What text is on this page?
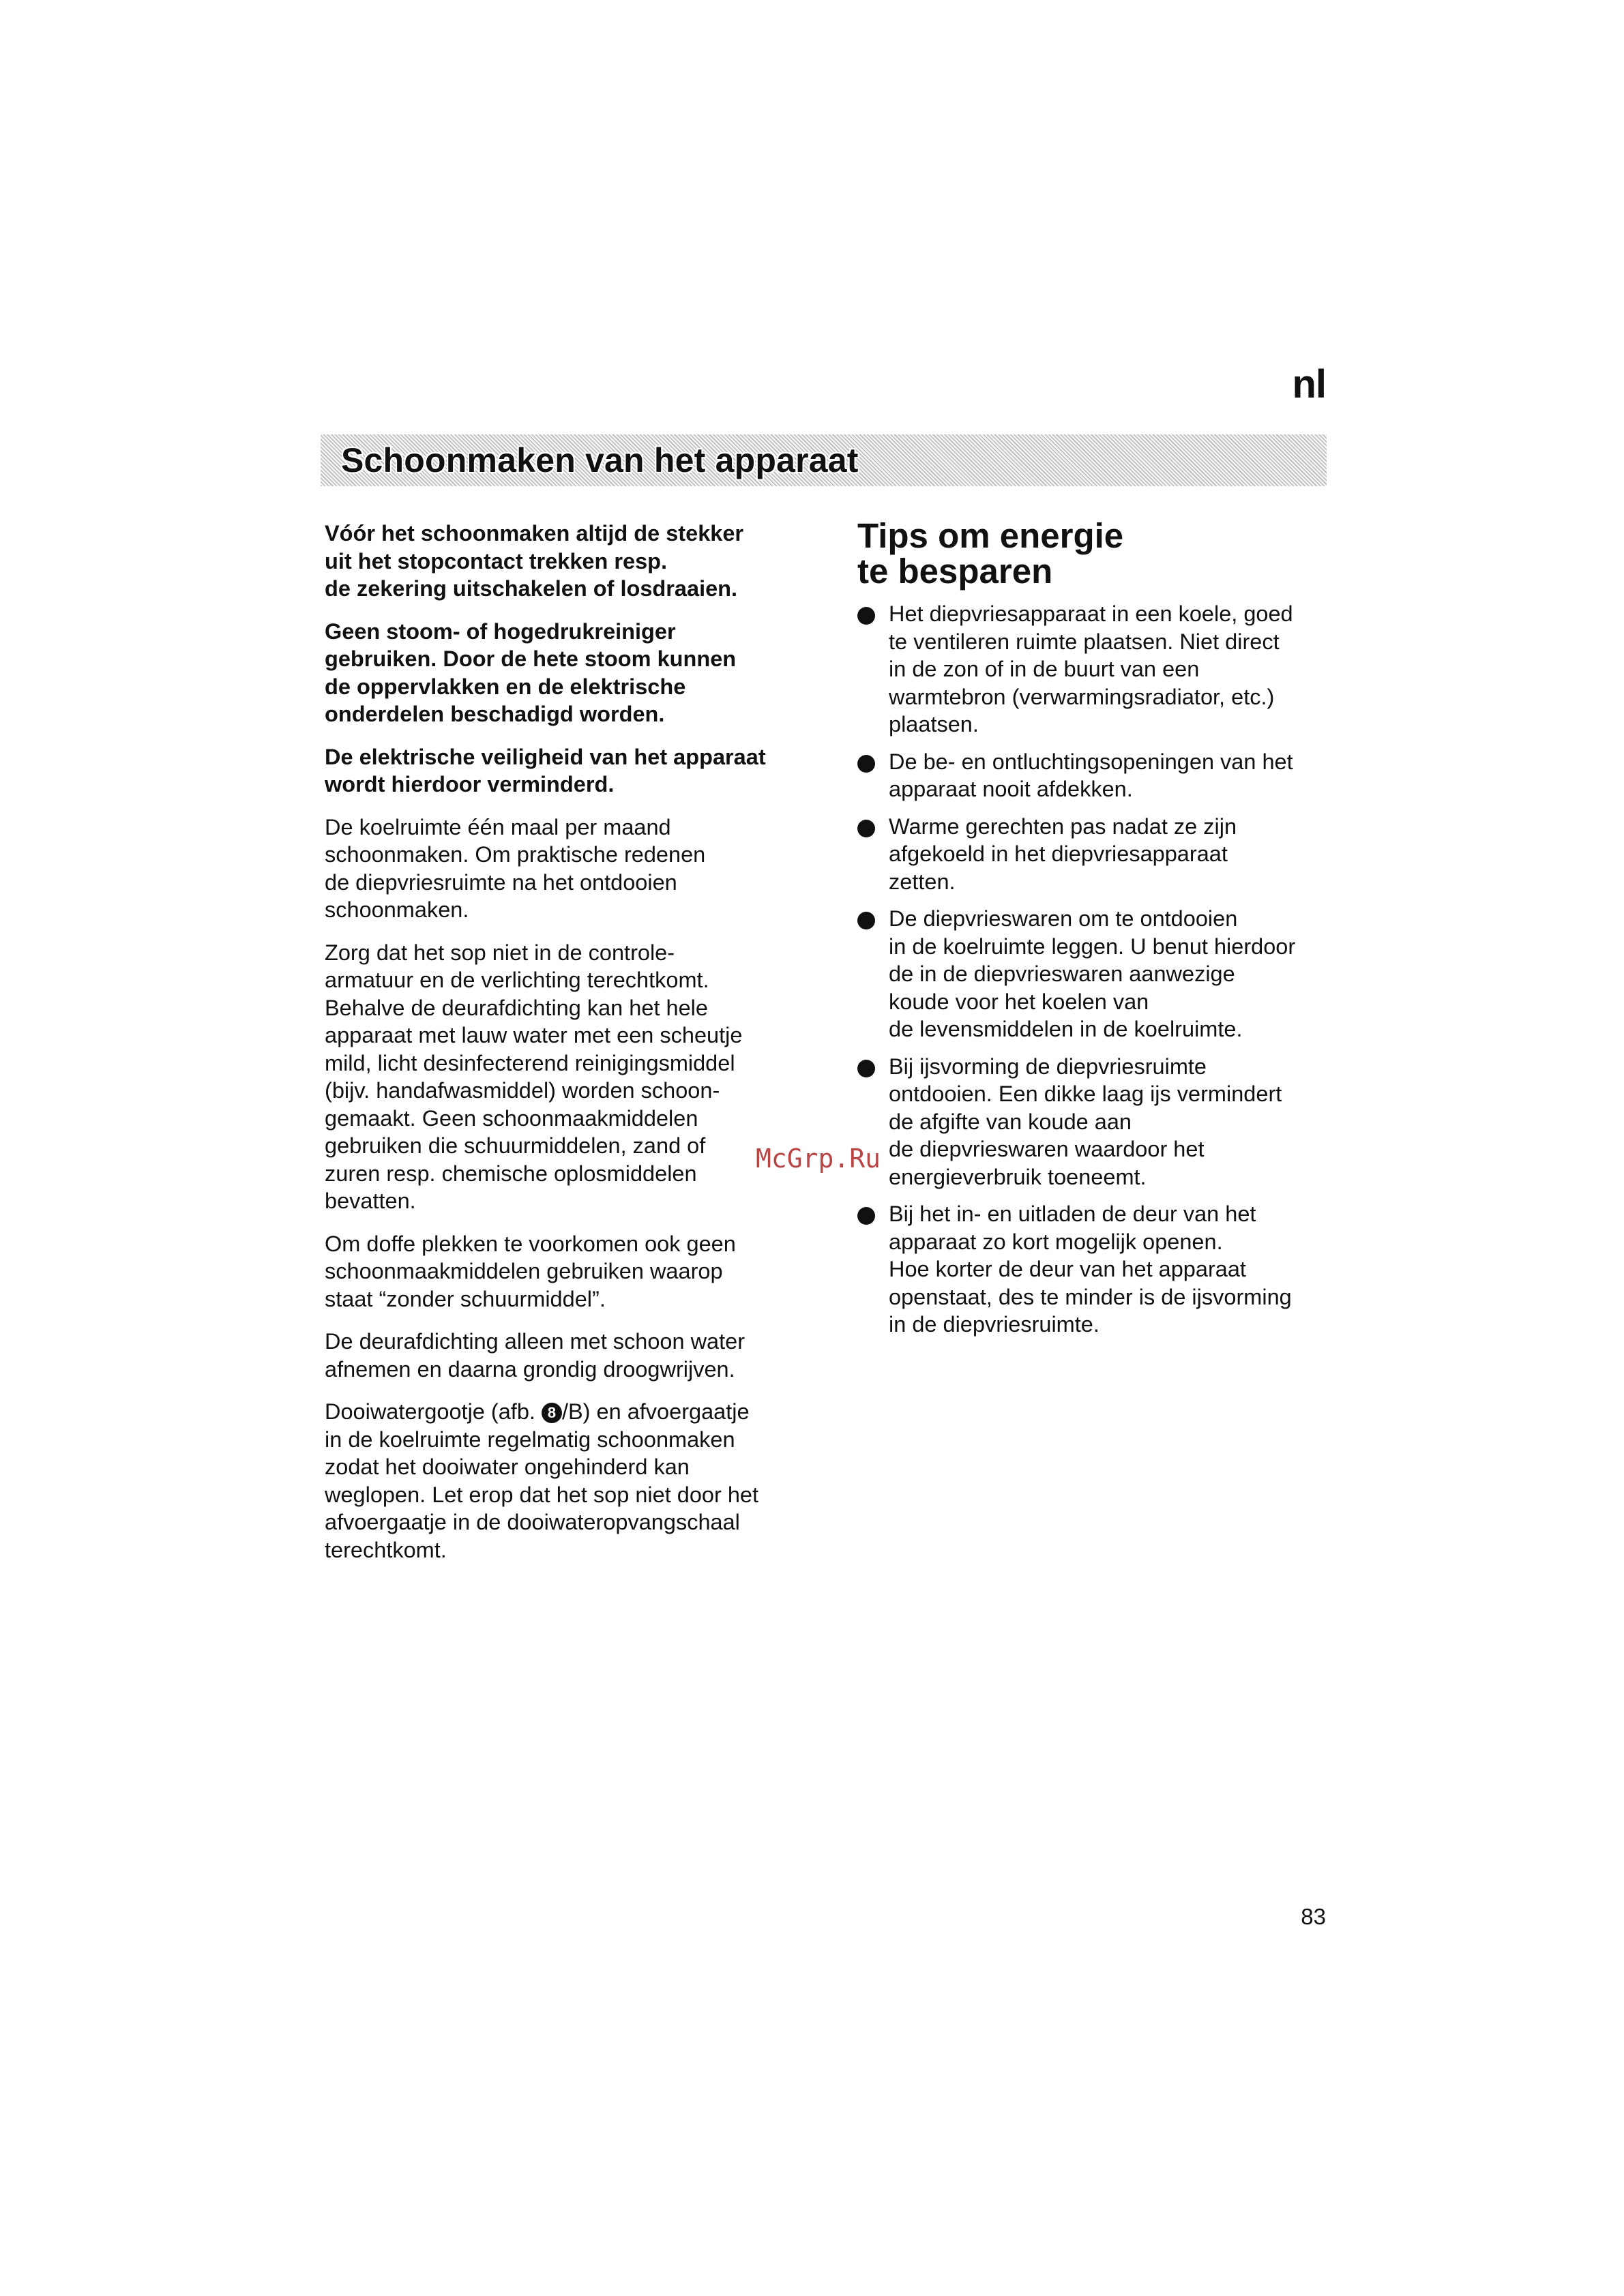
nl
Schoonmaken van het apparaat

Vóór het schoonmaken altijd de stekker
uit het stopcontact trekken resp.
de zekering uitschakelen of losdraaien.

Geen stoom- of hogedrukreiniger
gebruiken. Door de hete stoom kunnen
de oppervlakken en de elektrische
onderdelen beschadigd worden.

De elektrische veiligheid van het apparaat
wordt hierdoor verminderd.

De koelruimte één maal per maand
schoonmaken. Om praktische redenen
de diepvriesruimte na het ontdooien
schoonmaken.

Zorg dat het sop niet in de controle-
armatuur en de verlichting terechtkomt.
Behalve de deurafdichting kan het hele
apparaat met lauw water met een scheutje
mild, licht desinfecterend reinigingsmiddel
(bijv. handafwasmiddel) worden schoon-
gemaakt. Geen schoonmaakmiddelen
gebruiken die schuurmiddelen, zand of
zuren resp. chemische oplosmiddelen
bevatten.

Om doffe plekken te voorkomen ook geen
schoonmaakmiddelen gebruiken waarop
staat “zonder schuurmiddel”.

De deurafdichting alleen met schoon water
afnemen en daarna grondig droogwrijven.

Dooiwatergootje (afb. 8 /B) en afvoergaatje
in de koelruimte regelmatig schoonmaken
zodat het dooiwater ongehinderd kan
weglopen. Let erop dat het sop niet door het
afvoergaatje in de dooiwateropvangschaal
terechtkomt.

Tips om energie
te besparen
Het diepvriesapparaat in een koele, goed
te ventileren ruimte plaatsen. Niet direct
in de zon of in de buurt van een
warmtebron (verwarmingsradiator, etc.)
plaatsen.
De be- en ontluchtingsopeningen van het
apparaat nooit afdekken.
Warme gerechten pas nadat ze zijn
afgekoeld in het diepvriesapparaat
zetten.
De diepvrieswaren om te ontdooien
in de koelruimte leggen. U benut hierdoor
de in de diepvrieswaren aanwezige
koude voor het koelen van
de levensmiddelen in de koelruimte.
Bij ijsvorming de diepvriesruimte
ontdooien. Een dikke laag ijs vermindert
de afgifte van koude aan
de diepvrieswaren waardoor het
energieverbruik toeneemt.
Bij het in- en uitladen de deur van het
apparaat zo kort mogelijk openen.
Hoe korter de deur van het apparaat
openstaat, des te minder is de ijsvorming
in de diepvriesruimte.
McGrp.Ru
83
